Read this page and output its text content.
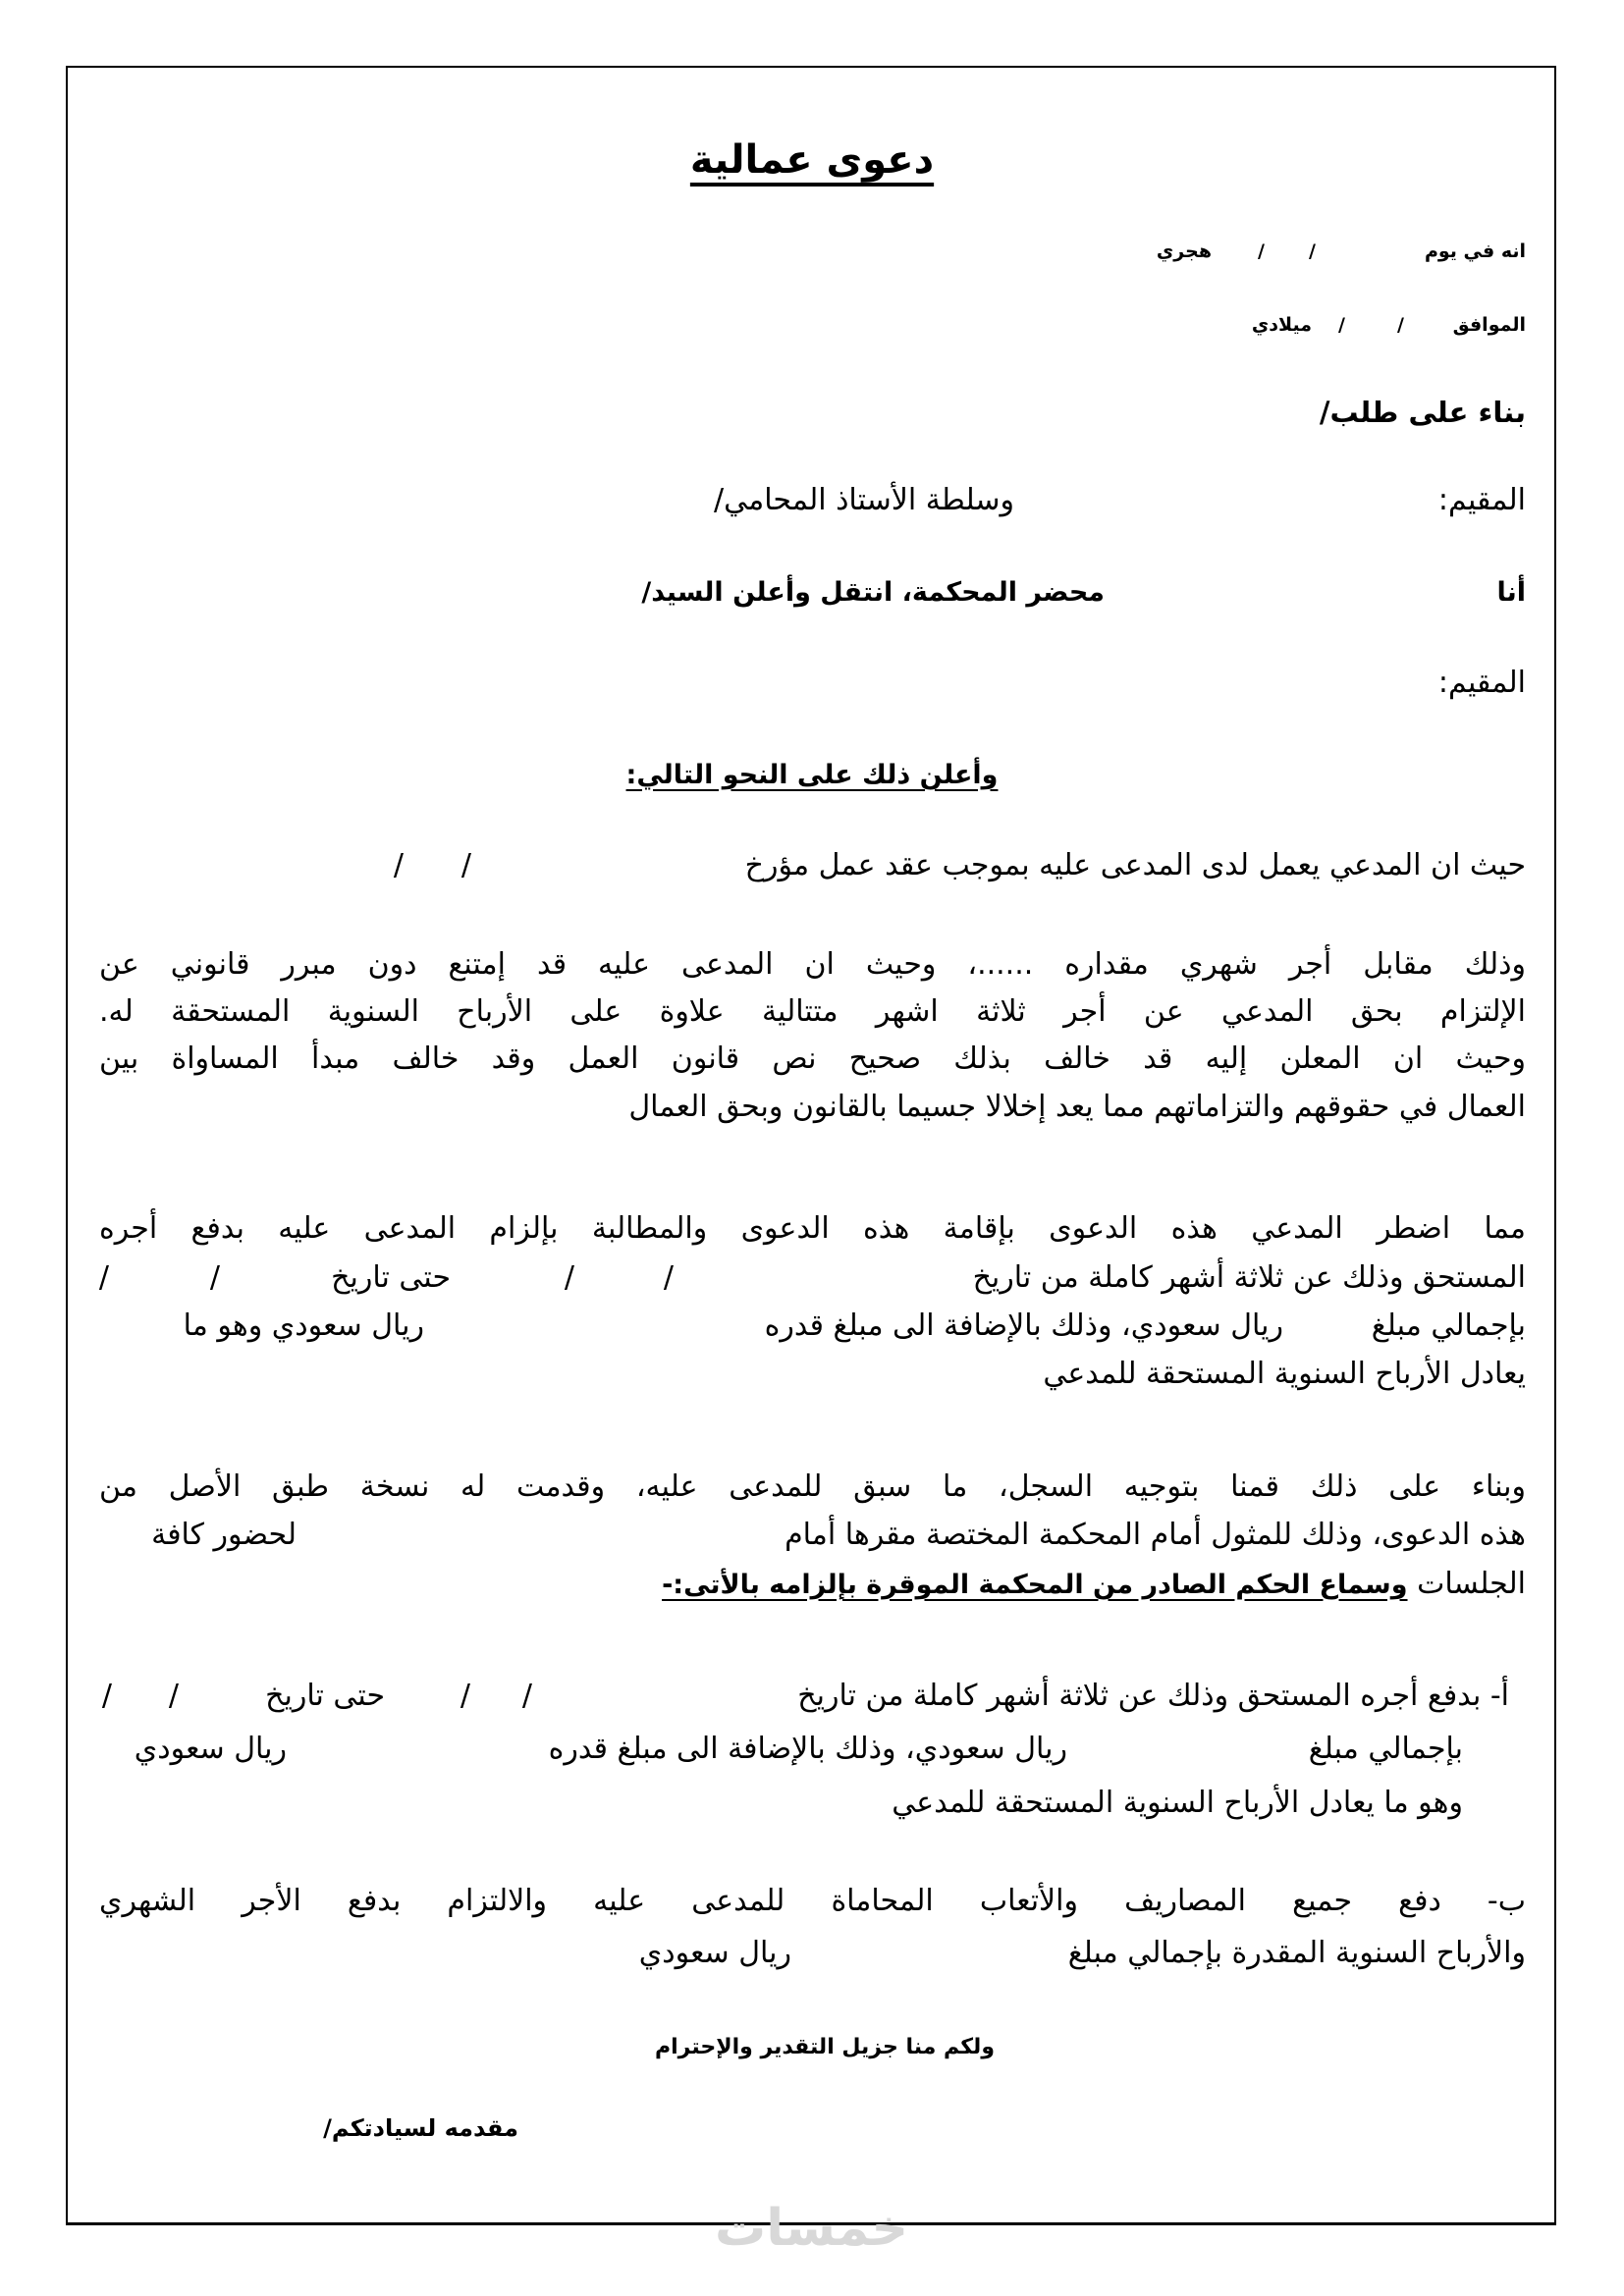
دعوى عمالية
انه في يوم
/
/
هجري
الموافق
/
/
ميلادي
بناء على طلب/
المقيم:
وسلطة الأستاذ المحامي/
أنا
محضر المحكمة، انتقل وأعلن السيد/
المقيم:
وأعلن ذلك على النحو التالي:
حيث ان المدعي يعمل لدى المدعى عليه بموجب عقد عمل مؤرخ
/
/
وذلك مقابل أجر شهري مقداره ......، وحيث ان المدعى عليه قد إمتنع دون مبرر قانوني عن
الإلتزام بحق المدعي عن أجر ثلاثة اشهر متتالية علاوة على الأرباح السنوية المستحقة له.
وحيث ان المعلن إليه قد خالف بذلك صحيح نص قانون العمل وقد خالف مبدأ المساواة بين
العمال في حقوقهم والتزاماتهم مما يعد إخلالا جسيما بالقانون وبحق العمال
مما اضطر المدعي هذه الدعوى بإقامة هذه الدعوى والمطالبة بإلزام المدعى عليه بدفع أجره
المستحق وذلك عن ثلاثة أشهر كاملة من تاريخ
/
/
حتى تاريخ
/
/
بإجمالي مبلغ
ريال سعودي، وذلك بالإضافة الى مبلغ قدره
ريال سعودي وهو ما
يعادل الأرباح السنوية المستحقة للمدعي
وبناء على ذلك قمنا بتوجيه السجل، ما سبق للمدعى عليه، وقدمت له نسخة طبق الأصل من
هذه الدعوى، وذلك للمثول أمام المحكمة المختصة مقرها أمام
لحضور كافة
الجلسات وسماع الحكم الصادر من المحكمة الموقرة بإلزامه بالأتى:-
أ- بدفع أجره المستحق وذلك عن ثلاثة أشهر كاملة من تاريخ
/
/
حتى تاريخ
/
/
بإجمالي مبلغ
ريال سعودي، وذلك بالإضافة الى مبلغ قدره
ريال سعودي
وهو ما يعادل الأرباح السنوية المستحقة للمدعي
ب- دفع جميع المصاريف والأتعاب المحاماة للمدعى عليه والالتزام بدفع الأجر الشهري
والأرباح السنوية المقدرة بإجمالي مبلغ
ريال سعودي
ولكم منا جزيل التقدير والإحترام
مقدمه لسيادتكم/
خمسات
